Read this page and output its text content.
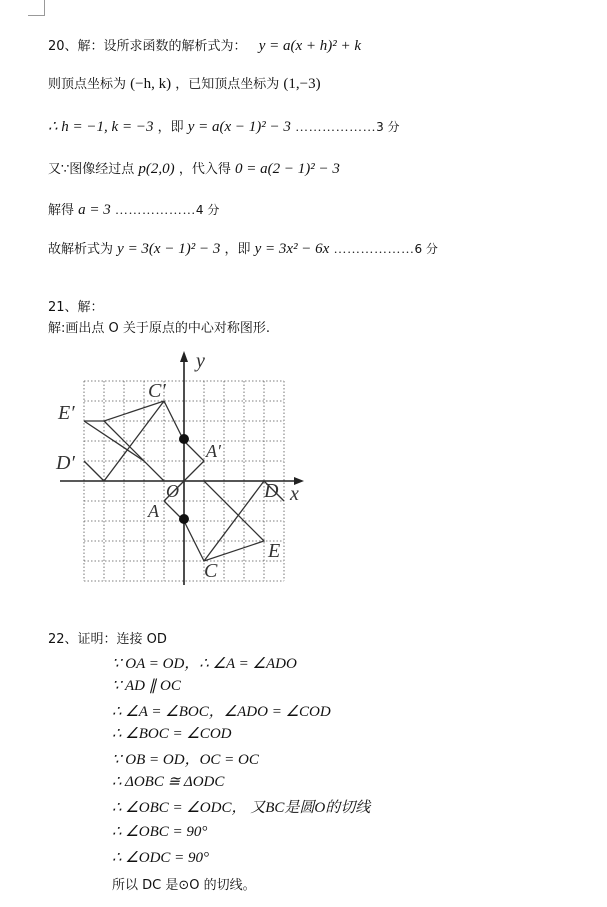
20、解：设所求函数的解析式为： y = a(x + h)² + k
则顶点坐标为 (−h, k) ，已知顶点坐标为 (1,−3)
∴ h = −1, k = −3 ，即 y = a(x − 1)² − 3 ………………3 分
又∵图像经过点 p(2,0) ，代入得 0 = a(2 − 1)² − 3
解得 a = 3 ………………4 分
故解析式为 y = 3(x − 1)² − 3 ，即 y = 3x² − 6x ………………6 分
21、解：
解:画出点 O 关于原点的中心对称图形.
y
x
O
A
A′
C
C′
D
D′
E
E′
22、证明：连接 OD
∵ OA = OD，∴ ∠A = ∠ADO
∵ AD ∥ OC
∴ ∠A = ∠BOC，∠ADO = ∠COD
∴ ∠BOC = ∠COD
∵ OB = OD，OC = OC
∴ ΔOBC ≅ ΔODC
∴ ∠OBC = ∠ODC， 又BC是圆O的切线
∴ ∠OBC = 90°
∴ ∠ODC = 90°
所以 DC 是⊙O 的切线。
